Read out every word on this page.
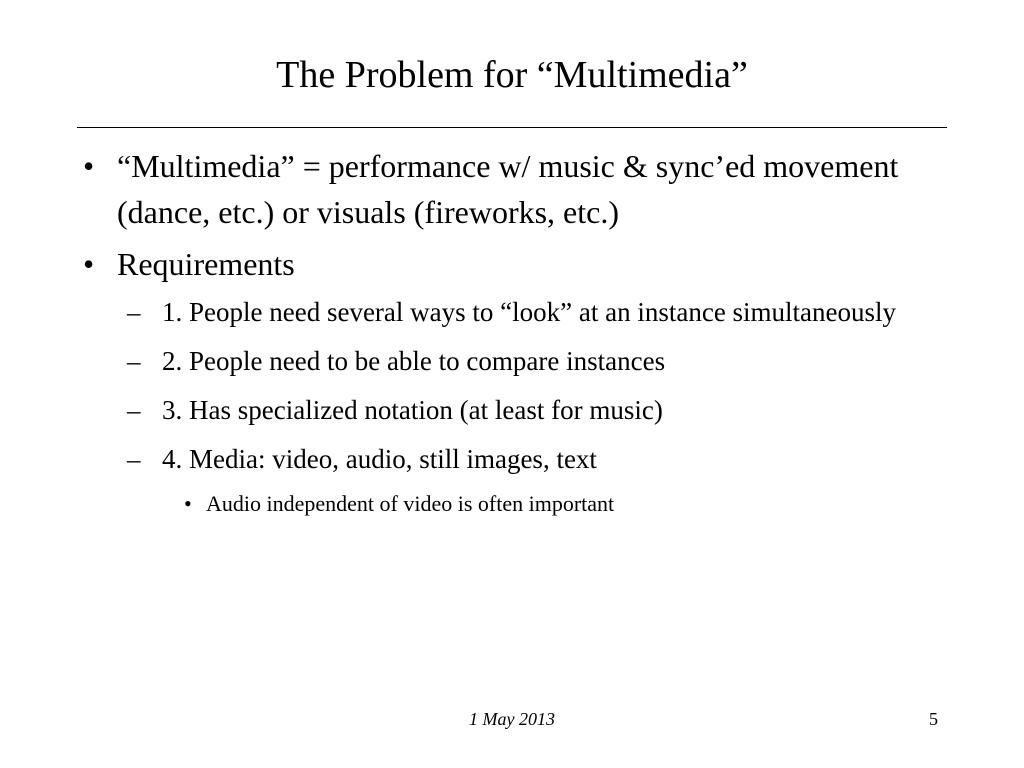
The Problem for “Multimedia”
• “Multimedia” = performance w/ music & sync’ed movement (dance, etc.) or visuals (fireworks, etc.)
• Requirements
– 1. People need several ways to “look” at an instance simultaneously
– 2. People need to be able to compare instances
– 3. Has specialized notation (at least for music)
– 4. Media: video, audio, still images, text
• Audio independent of video is often important
1 May 2013	5
